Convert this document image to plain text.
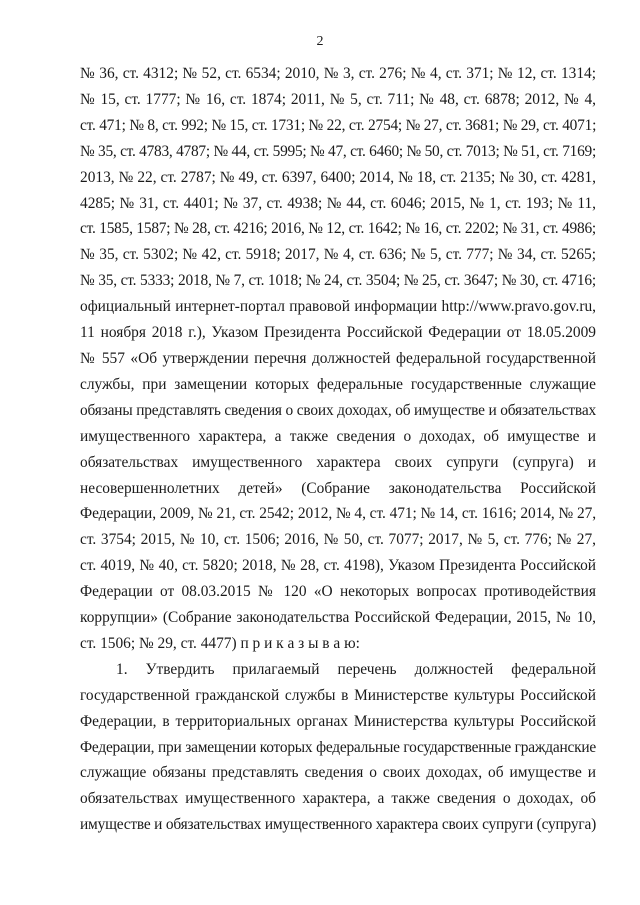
2
№ 36, ст. 4312; № 52, ст. 6534; 2010, № 3, ст. 276; № 4, ст. 371; № 12, ст. 1314;
№ 15, ст. 1777; № 16, ст. 1874; 2011, № 5, ст. 711; № 48, ст. 6878; 2012, № 4,
ст. 471; № 8, ст. 992; № 15, ст. 1731; № 22, ст. 2754; № 27, ст. 3681; № 29, ст. 4071;
№ 35, ст. 4783, 4787; № 44, ст. 5995; № 47, ст. 6460; № 50, ст. 7013; № 51, ст. 7169;
2013, № 22, ст. 2787; № 49, ст. 6397, 6400; 2014, № 18, ст. 2135; № 30, ст. 4281,
4285; № 31, ст. 4401; № 37, ст. 4938; № 44, ст. 6046; 2015, № 1, ст. 193; № 11,
ст. 1585, 1587; № 28, ст. 4216; 2016, № 12, ст. 1642; № 16, ст. 2202; № 31, ст. 4986;
№ 35, ст. 5302; № 42, ст. 5918; 2017, № 4, ст. 636; № 5, ст. 777; № 34, ст. 5265;
№ 35, ст. 5333; 2018, № 7, ст. 1018; № 24, ст. 3504; № 25, ст. 3647; № 30, ст. 4716;
официальный интернет-портал правовой информации http://www.pravo.gov.ru,
11 ноября 2018 г.), Указом Президента Российской Федерации от 18.05.2009
№ 557 «Об утверждении перечня должностей федеральной государственной
службы, при замещении которых федеральные государственные служащие
обязаны представлять сведения о своих доходах, об имуществе и обязательствах
имущественного характера, а также сведения о доходах, об имуществе и
обязательствах имущественного характера своих супруги (супруга) и
несовершеннолетних детей» (Собрание законодательства Российской
Федерации, 2009, № 21, ст. 2542; 2012, № 4, ст. 471; № 14, ст. 1616; 2014, № 27,
ст. 3754; 2015, № 10, ст. 1506; 2016, № 50, ст. 7077; 2017, № 5, ст. 776; № 27,
ст. 4019, № 40, ст. 5820; 2018, № 28, ст. 4198), Указом Президента Российской
Федерации от 08.03.2015 № 120 «О некоторых вопросах противодействия
коррупции» (Собрание законодательства Российской Федерации, 2015, № 10,
ст. 1506; № 29, ст. 4477) п р и к а з ы в а ю:
1. Утвердить прилагаемый перечень должностей федеральной
государственной гражданской службы в Министерстве культуры Российской
Федерации, в территориальных органах Министерства культуры Российской
Федерации, при замещении которых федеральные государственные гражданские
служащие обязаны представлять сведения о своих доходах, об имуществе и
обязательствах имущественного характера, а также сведения о доходах, об
имуществе и обязательствах имущественного характера своих супруги (супруга)
